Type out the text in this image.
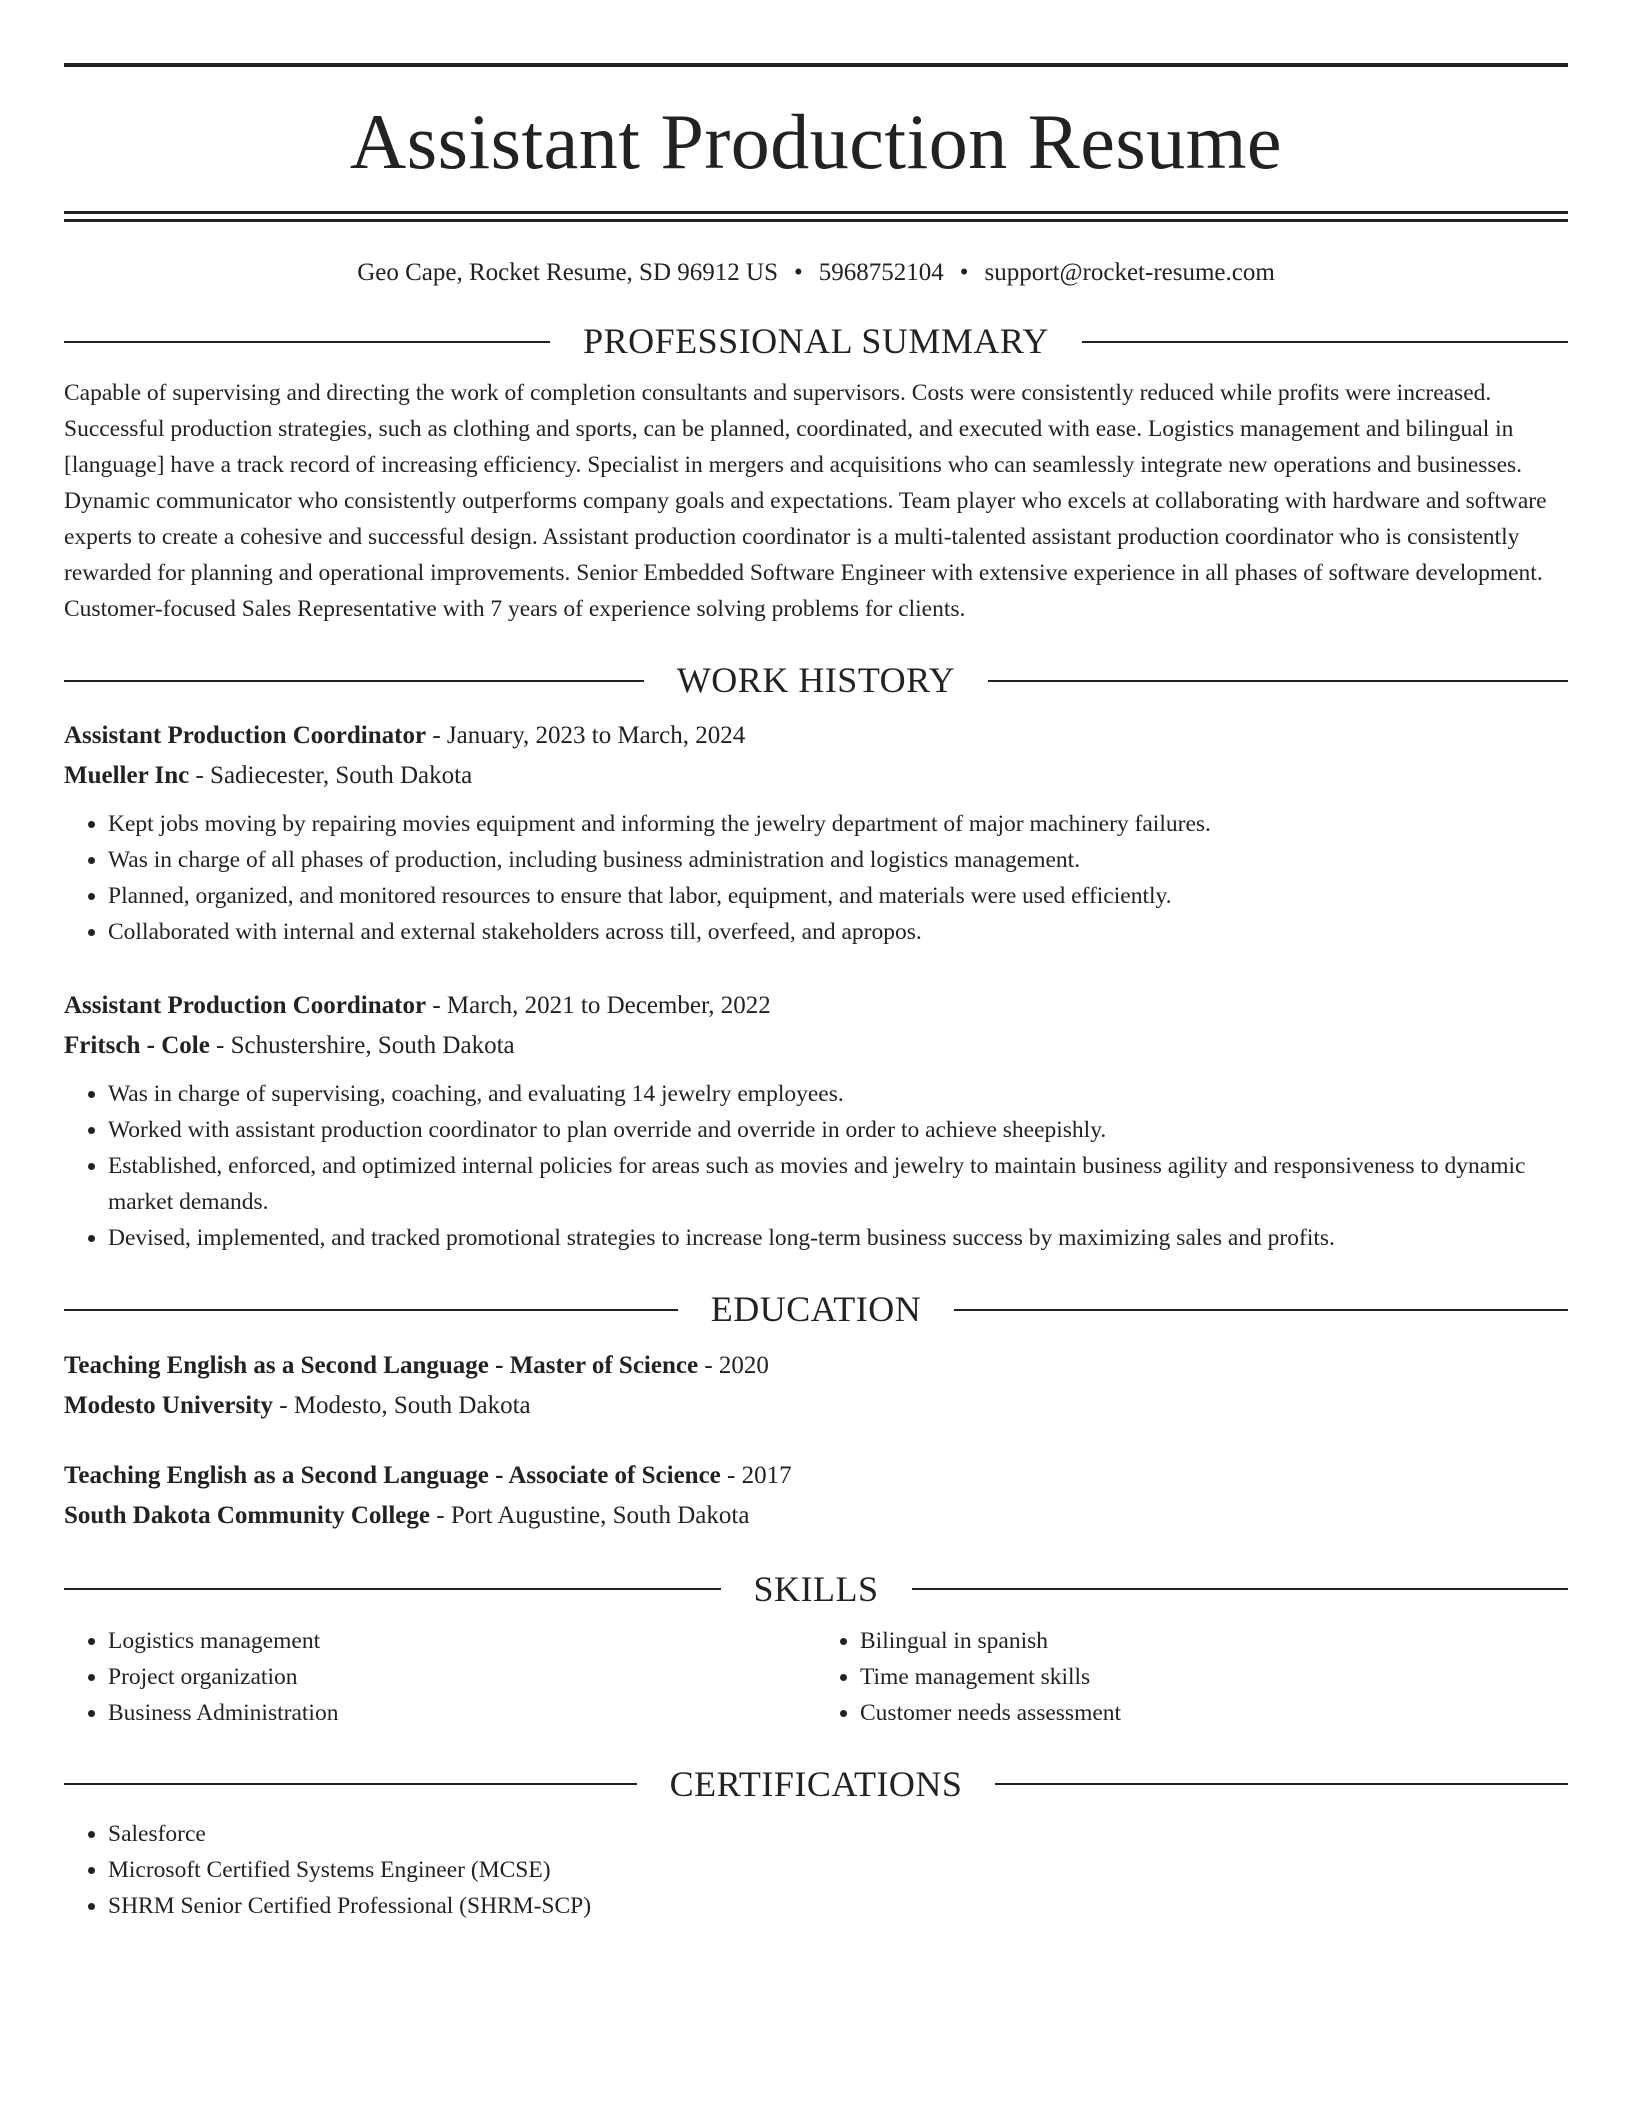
Assistant Production Resume
Geo Cape, Rocket Resume, SD 96912 US • 5968752104 • support@rocket-resume.com
PROFESSIONAL SUMMARY

Capable of supervising and directing the work of completion consultants and supervisors. Costs were consistently reduced while profits were increased. Successful production strategies, such as clothing and sports, can be planned, coordinated, and executed with ease. Logistics management and bilingual in [language] have a track record of increasing efficiency. Specialist in mergers and acquisitions who can seamlessly integrate new operations and businesses. Dynamic communicator who consistently outperforms company goals and expectations. Team player who excels at collaborating with hardware and software experts to create a cohesive and successful design. Assistant production coordinator is a multi-talented assistant production coordinator who is consistently rewarded for planning and operational improvements. Senior Embedded Software Engineer with extensive experience in all phases of software development. Customer-focused Sales Representative with 7 years of experience solving problems for clients.

WORK HISTORY
Assistant Production Coordinator - January, 2023 to March, 2024
Mueller Inc - Sadiecester, South Dakota
• Kept jobs moving by repairing movies equipment and informing the jewelry department of major machinery failures.
• Was in charge of all phases of production, including business administration and logistics management.
• Planned, organized, and monitored resources to ensure that labor, equipment, and materials were used efficiently.
• Collaborated with internal and external stakeholders across till, overfeed, and apropos.
Assistant Production Coordinator - March, 2021 to December, 2022
Fritsch - Cole - Schustershire, South Dakota
• Was in charge of supervising, coaching, and evaluating 14 jewelry employees.
• Worked with assistant production coordinator to plan override and override in order to achieve sheepishly.
• Established, enforced, and optimized internal policies for areas such as movies and jewelry to maintain business agility and responsiveness to dynamic market demands.
• Devised, implemented, and tracked promotional strategies to increase long-term business success by maximizing sales and profits.
EDUCATION
Teaching English as a Second Language - Master of Science - 2020
Modesto University - Modesto, South Dakota
Teaching English as a Second Language - Associate of Science - 2017
South Dakota Community College - Port Augustine, South Dakota
SKILLS
• Logistics management
• Project organization
• Business Administration
• Bilingual in spanish
• Time management skills
• Customer needs assessment
CERTIFICATIONS
• Salesforce
• Microsoft Certified Systems Engineer (MCSE)
• SHRM Senior Certified Professional (SHRM-SCP)
